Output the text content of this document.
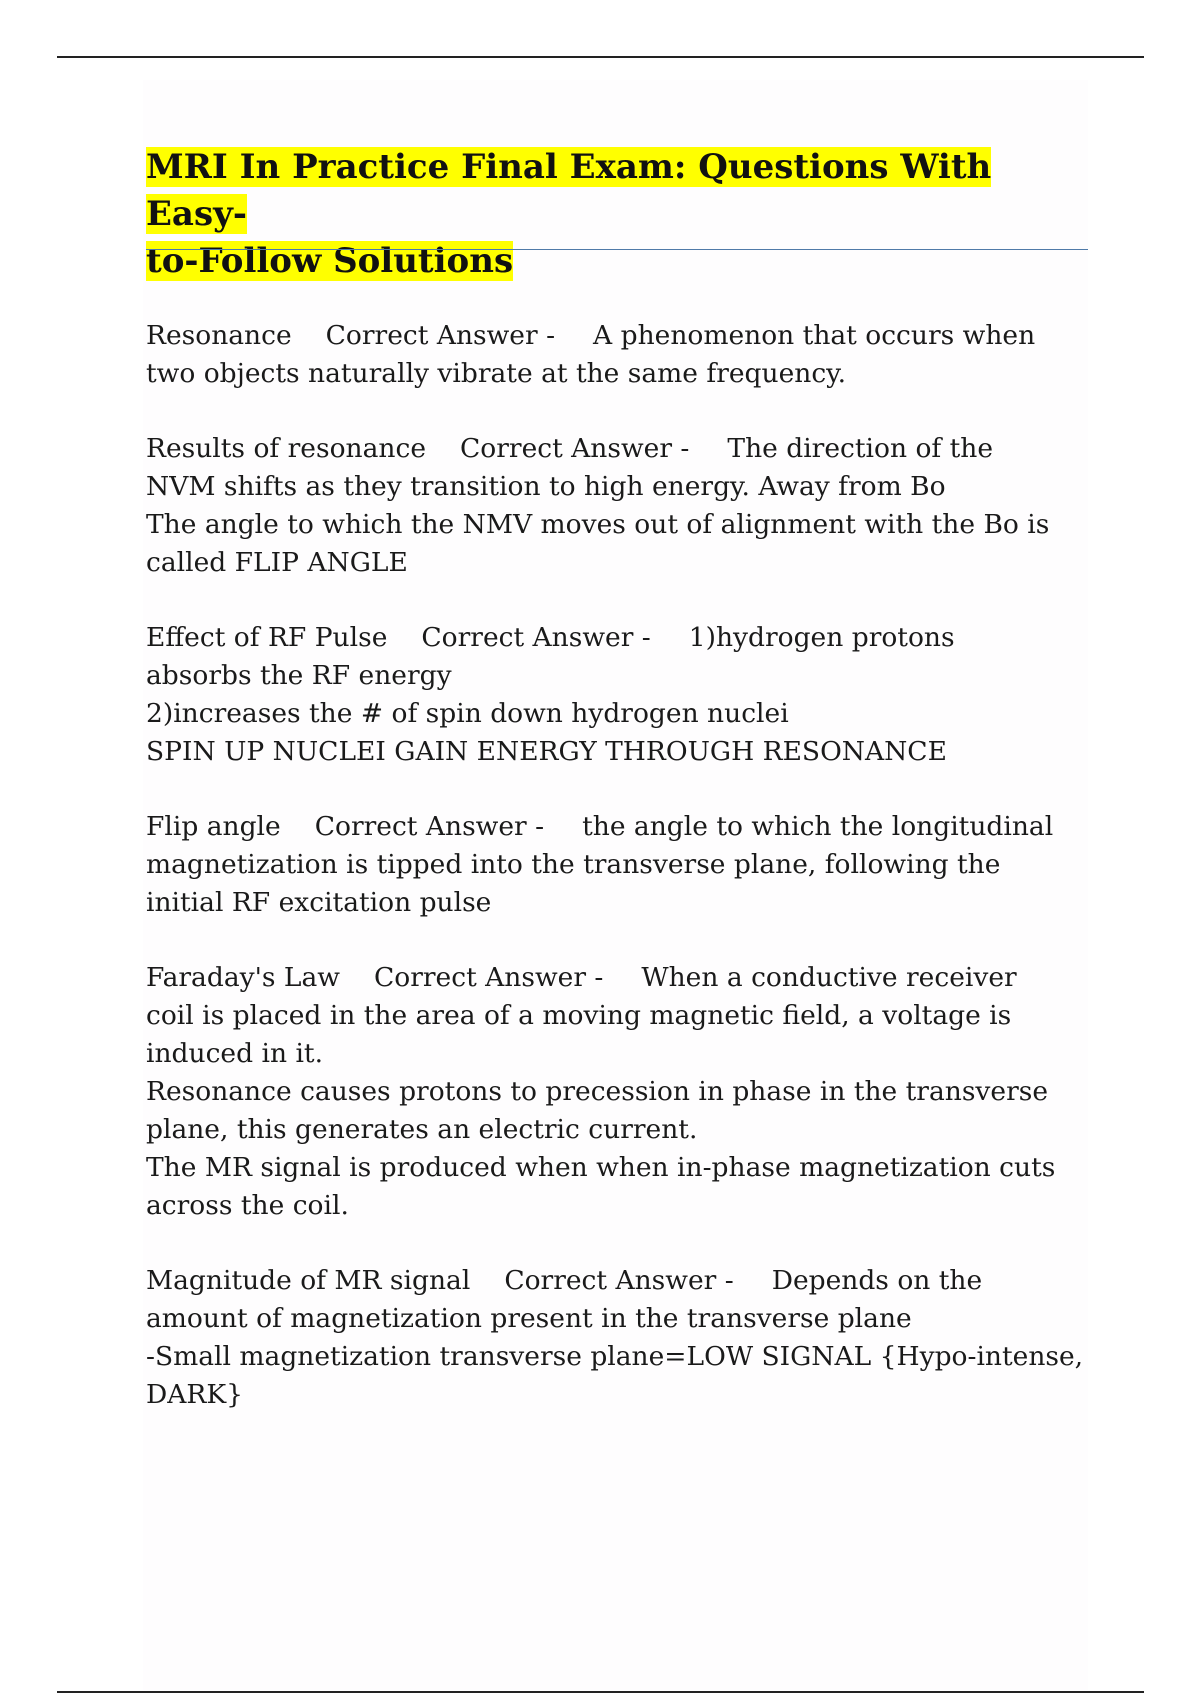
MRI In Practice Final Exam: Questions With Easy-
to-Follow Solutions
Resonance Correct Answer - A phenomenon that occurs when
two objects naturally vibrate at the same frequency.
Results of resonance Correct Answer - The direction of the
NVM shifts as they transition to high energy. Away from Bo
The angle to which the NMV moves out of alignment with the Bo is
called FLIP ANGLE
Effect of RF Pulse Correct Answer - 1)hydrogen protons
absorbs the RF energy
2)increases the # of spin down hydrogen nuclei
SPIN UP NUCLEI GAIN ENERGY THROUGH RESONANCE
Flip angle Correct Answer - the angle to which the longitudinal
magnetization is tipped into the transverse plane, following the
initial RF excitation pulse
Faraday's Law Correct Answer - When a conductive receiver
coil is placed in the area of a moving magnetic field, a voltage is
induced in it.
Resonance causes protons to precession in phase in the transverse
plane, this generates an electric current.
The MR signal is produced when when in-phase magnetization cuts
across the coil.
Magnitude of MR signal Correct Answer - Depends on the
amount of magnetization present in the transverse plane
-Small magnetization transverse plane=LOW SIGNAL {Hypo-intense,
DARK}
